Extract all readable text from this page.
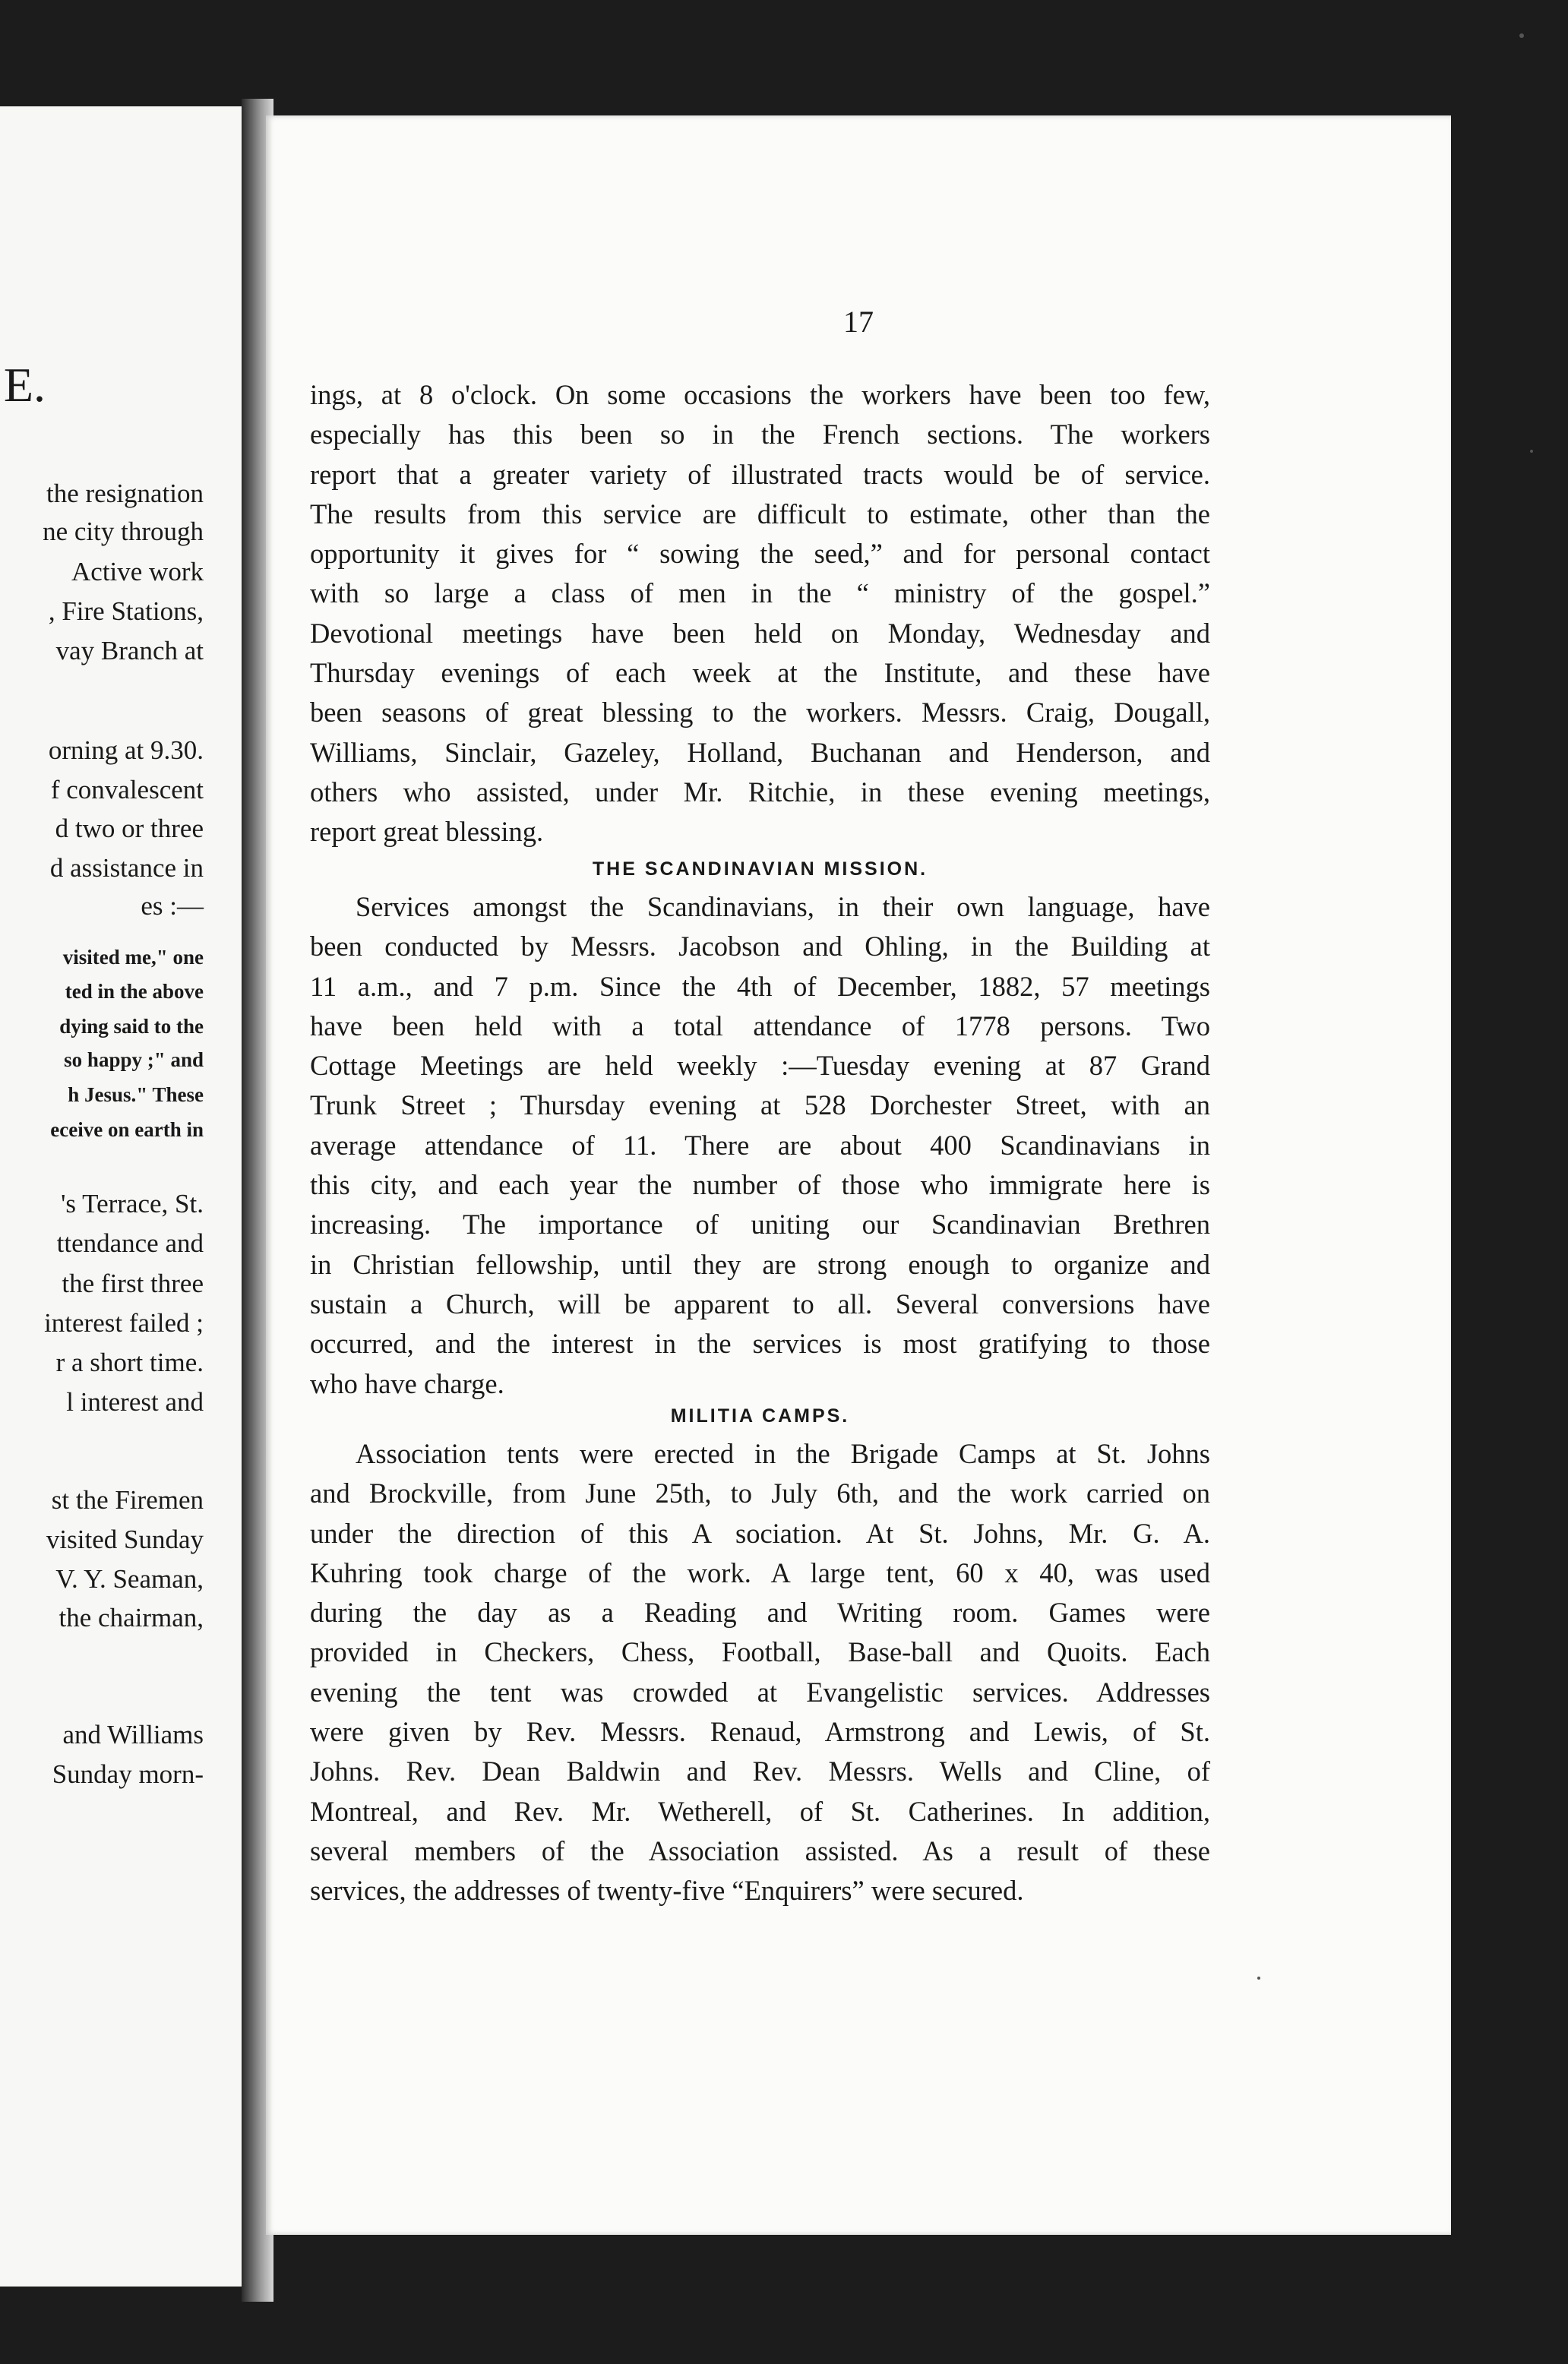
E.
the resignation
ne city through
Active work
, Fire Stations,
vay Branch at
orning at 9.30.
f convalescent
d two or three
d assistance in
es :—
visited me," one
ted in the above
dying said to the
so happy ;" and
h Jesus." These
eceive on earth in
's Terrace, St.
ttendance and
the first three
interest failed ;
r a short time.
l interest and
st the Firemen
visited Sunday
V. Y. Seaman,
the chairman,
and Williams
Sunday morn-
17
ings, at 8 o'clock. On some occasions the workers have been too few,
especially has this been so in the French sections. The workers
report that a greater variety of illustrated tracts would be of service.
The results from this service are difficult to estimate, other than the
opportunity it gives for “ sowing the seed,” and for personal contact
with so large a class of men in the “ ministry of the gospel.”
Devotional meetings have been held on Monday, Wednesday and
Thursday evenings of each week at the Institute, and these have
been seasons of great blessing to the workers. Messrs. Craig, Dougall,
Williams, Sinclair, Gazeley, Holland, Buchanan and Henderson, and
others who assisted, under Mr. Ritchie, in these evening meetings,
report great blessing.
THE SCANDINAVIAN MISSION.
Services amongst the Scandinavians, in their own language, have
been conducted by Messrs. Jacobson and Ohling, in the Building at
11 a.m., and 7 p.m. Since the 4th of December, 1882, 57 meetings
have been held with a total attendance of 1778 persons. Two
Cottage Meetings are held weekly :—Tuesday evening at 87 Grand
Trunk Street ; Thursday evening at 528 Dorchester Street, with an
average attendance of 11. There are about 400 Scandinavians in
this city, and each year the number of those who immigrate here is
increasing. The importance of uniting our Scandinavian Brethren
in Christian fellowship, until they are strong enough to organize and
sustain a Church, will be apparent to all. Several conversions have
occurred, and the interest in the services is most gratifying to those
who have charge.
MILITIA CAMPS.
Association tents were erected in the Brigade Camps at St. Johns
and Brockville, from June 25th, to July 6th, and the work carried on
under the direction of this A sociation. At St. Johns, Mr. G. A.
Kuhring took charge of the work. A large tent, 60 x 40, was used
during the day as a Reading and Writing room. Games were
provided in Checkers, Chess, Football, Base-ball and Quoits. Each
evening the tent was crowded at Evangelistic services. Addresses
were given by Rev. Messrs. Renaud, Armstrong and Lewis, of St.
Johns. Rev. Dean Baldwin and Rev. Messrs. Wells and Cline, of
Montreal, and Rev. Mr. Wetherell, of St. Catherines. In addition,
several members of the Association assisted. As a result of these
services, the addresses of twenty-five “Enquirers” were secured.
